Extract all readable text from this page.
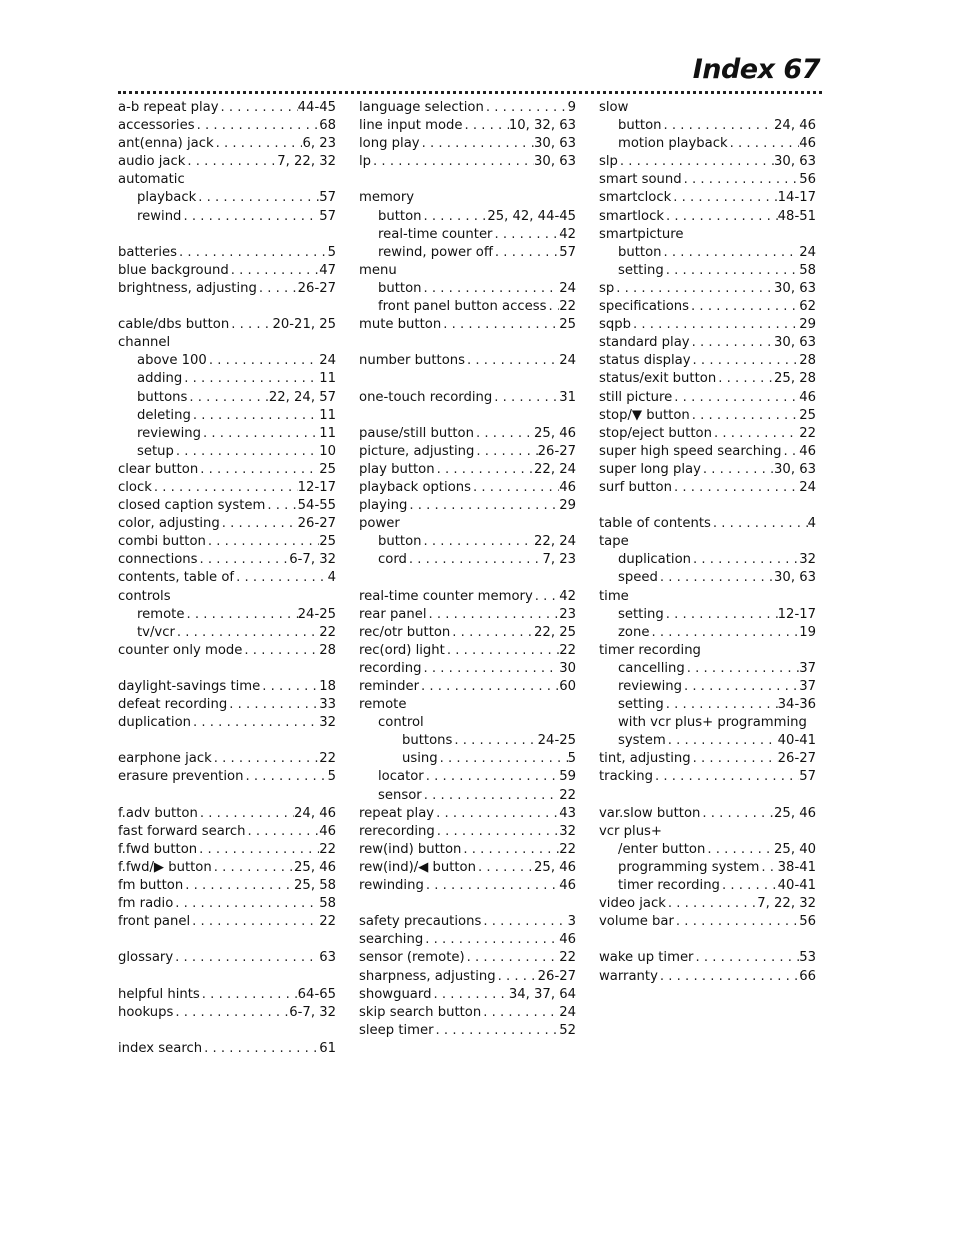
Index 67
a-b repeat play . . .	44-45
accessories . . .	68
ant(enna) jack . . .	6, 23
audio jack . . .	7, 22, 32
automatic
playback . . .	57
rewind . . .	57
batteries . . .	5
blue background . . .	47
brightness, adjusting . . .	26-27
cable/dbs button . . .	20-21, 25
channel
above 100 . . .	24
adding . . .	11
buttons . . .	22, 24, 57
deleting . . .	11
reviewing . . .	11
setup . . .	10
clear button . . .	25
clock . . .	12-17
closed caption system . . . 54-55
color, adjusting . . .	26-27
combi button . . .	25
connections . . .	6-7, 32
contents, table of . . .	4
controls
remote . . .	24-25
tv/vcr . . .	22
counter only mode . . .	28
daylight-savings time . . .	18
defeat recording . . .	33
duplication . . .	32
earphone jack . . .	22
erasure prevention . . .	5
f.adv button . . .	24, 46
fast forward search . . .	46
f.fwd button . . .	22
f.fwd/▶ button . . .	25, 46
fm button . . .	25, 58
fm radio . . .	58
front panel . . .	22
glossary . . .	63
helpful hints . . .	64-65
hookups . . .	6-7, 32
index search . . .	61
language selection . . .	9
line input mode . . .	10, 32, 63
long play . . .	30, 63
lp . . .	30, 63
memory
button . . .	25, 42, 44-45
real-time counter . . .	42
rewind, power off . . .	57
menu
button . . .	24
front panel button access . . . 22
mute button . . .	25
number buttons . . .	24
one-touch recording . . .	31
pause/still button . . .	25, 46
picture, adjusting . . .	26-27
play button . . .	22, 24
playback options . . .	46
playing . . .	29
power
button . . .	22, 24
cord . . .	7, 23
real-time counter memory . . . 42
rear panel . . .	23
rec/otr button . . .	22, 25
rec(ord) light . . .	22
recording . . .	30
reminder . . .	60
remote
control
buttons . . .	24-25
using . . .	5
locator . . .	59
sensor . . .	22
repeat play . . .	43
rerecording . . .	32
rew(ind) button . . .	22
rew(ind)/◀ button . . .	25, 46
rewinding . . .	46
safety precautions . . .	3
searching . . .	46
sensor (remote) . . .	22
sharpness, adjusting . . .	26-27
showguard . . .	34, 37, 64
skip search button . . .	24
sleep timer . . .	52
slow
button . . .	24, 46
motion playback . . .	46
slp . . .	30, 63
smart sound . . .	56
smartclock . . .	14-17
smartlock . . .	48-51
smartpicture
button . . .	24
setting . . .	58
sp . . .	30, 63
specifications . . .	62
sqpb . . .	29
standard play . . .	30, 63
status display . . .	28
status/exit button . . .	25, 28
still picture . . .	46
stop/▼ button . . .	25
stop/eject button . . .	22
super high speed searching . . . 46
super long play . . .	30, 63
surf button . . .	24
table of contents . . .	4
tape
duplication . . .	32
speed . . .	30, 63
time
setting . . .	12-17
zone . . .	19
timer recording
cancelling . . .	37
reviewing . . .	37
setting . . .	34-36
with vcr plus+ programming
system . . .	40-41
tint, adjusting . . .	26-27
tracking . . .	57
var.slow button . . .	25, 46
vcr plus+
/enter button . . .	25, 40
programming system . . . 38-41
timer recording . . .	40-41
video jack . . .	7, 22, 32
volume bar . . .	56
wake up timer . . .	53
warranty . . .	66
